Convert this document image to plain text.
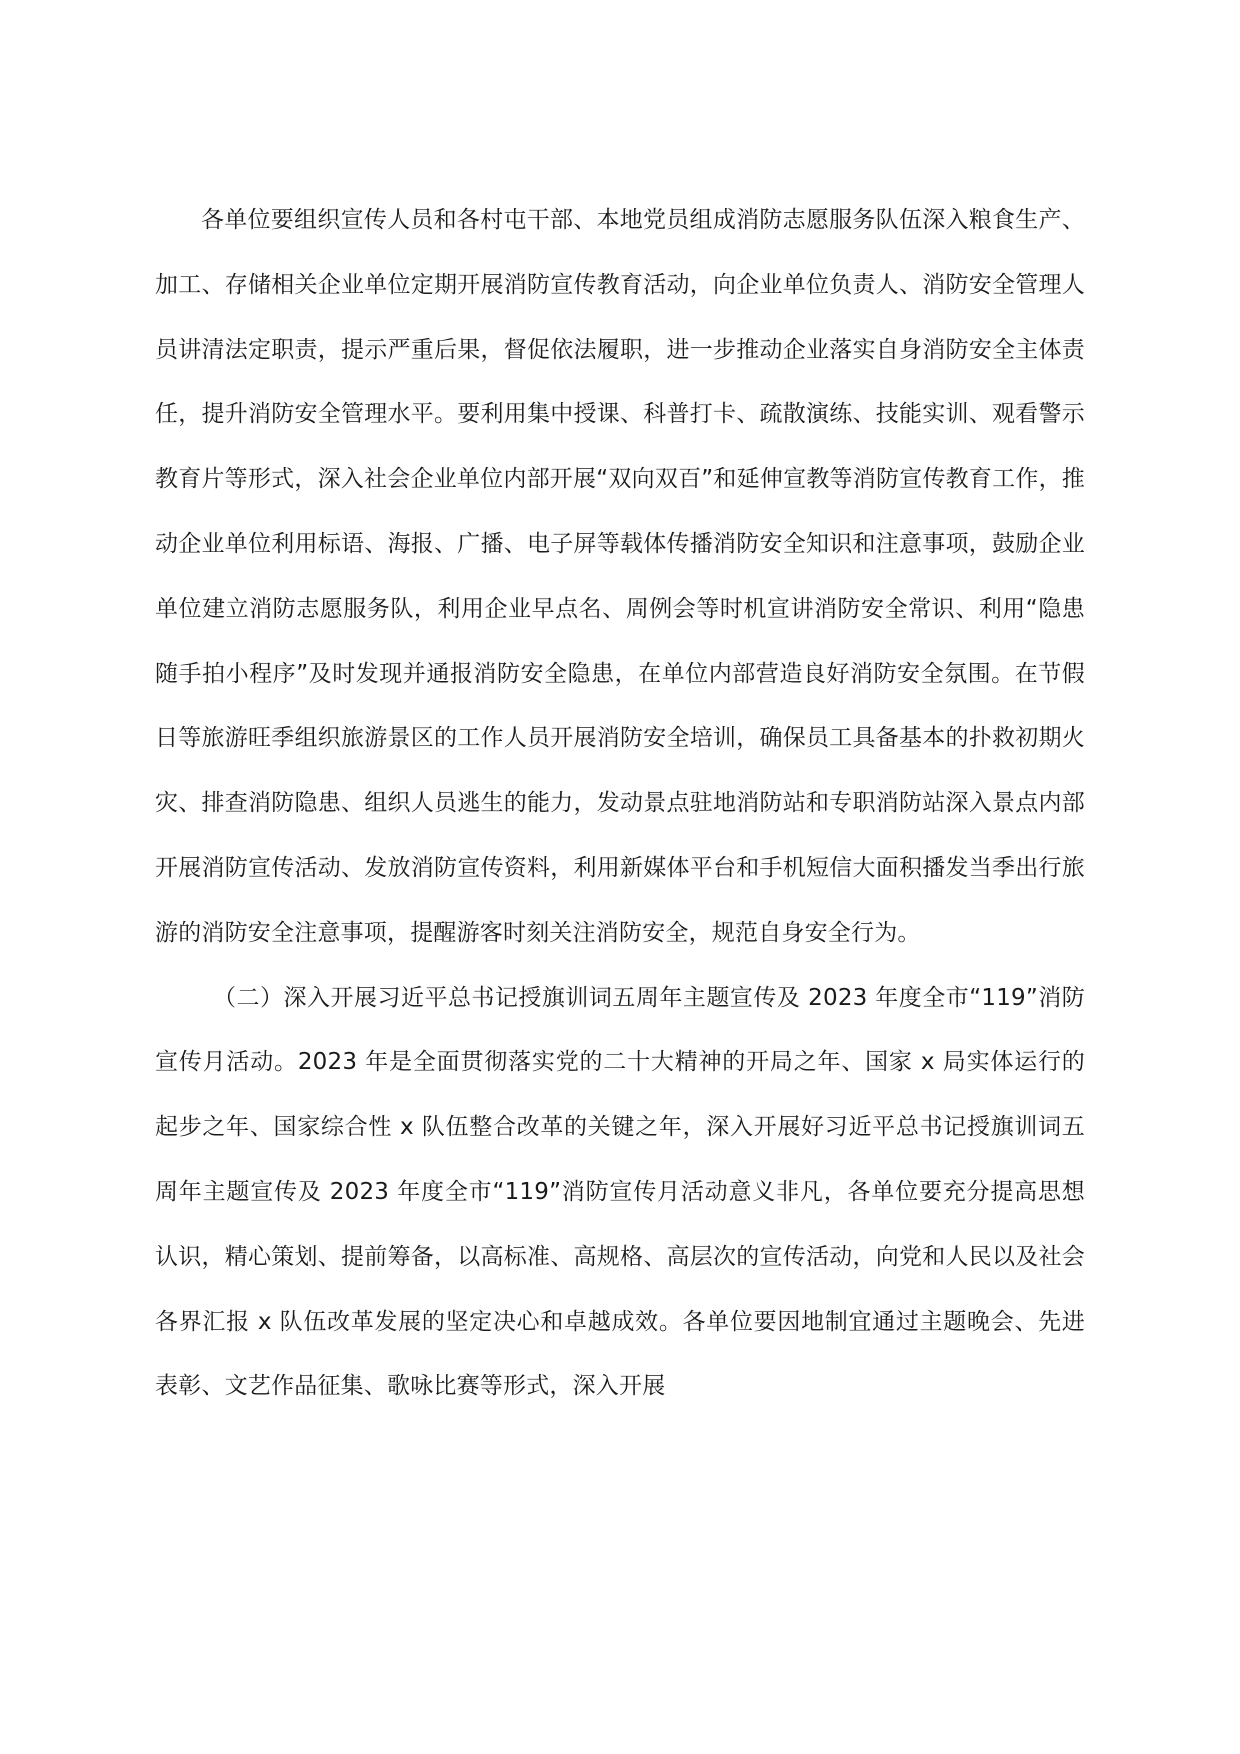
各单位要组织宣传人员和各村屯干部、本地党员组成消防志愿服务队伍深入粮食生产、加工、存储相关企业单位定期开展消防宣传教育活动，向企业单位负责人、消防安全管理人员讲清法定职责，提示严重后果，督促依法履职，进一步推动企业落实自身消防安全主体责任，提升消防安全管理水平。要利用集中授课、科普打卡、疏散演练、技能实训、观看警示教育片等形式，深入社会企业单位内部开展“双向双百”和延伸宣教等消防宣传教育工作，推动企业单位利用标语、海报、广播、电子屏等载体传播消防安全知识和注意事项，鼓励企业单位建立消防志愿服务队，利用企业早点名、周例会等时机宣讲消防安全常识、利用“隐患随手拍小程序”及时发现并通报消防安全隐患，在单位内部营造良好消防安全氛围。在节假日等旅游旺季组织旅游景区的工作人员开展消防安全培训，确保员工具备基本的扑救初期火灾、排查消防隐患、组织人员逃生的能力，发动景点驻地消防站和专职消防站深入景点内部开展消防宣传活动、发放消防宣传资料，利用新媒体平台和手机短信大面积播发当季出行旅游的消防安全注意事项，提醒游客时刻关注消防安全，规范自身安全行为。

（二）深入开展习近平总书记授旗训词五周年主题宣传及 2023 年度全市“119”消防宣传月活动。2023 年是全面贯彻落实党的二十大精神的开局之年、国家 x 局实体运行的起步之年、国家综合性 x 队伍整合改革的关键之年，深入开展好习近平总书记授旗训词五周年主题宣传及 2023 年度全市“119”消防宣传月活动意义非凡，各单位要充分提高思想认识，精心策划、提前筹备，以高标准、高规格、高层次的宣传活动，向党和人民以及社会各界汇报 x 队伍改革发展的坚定决心和卓越成效。各单位要因地制宜通过主题晚会、先进表彰、文艺作品征集、歌咏比赛等形式，深入开展
